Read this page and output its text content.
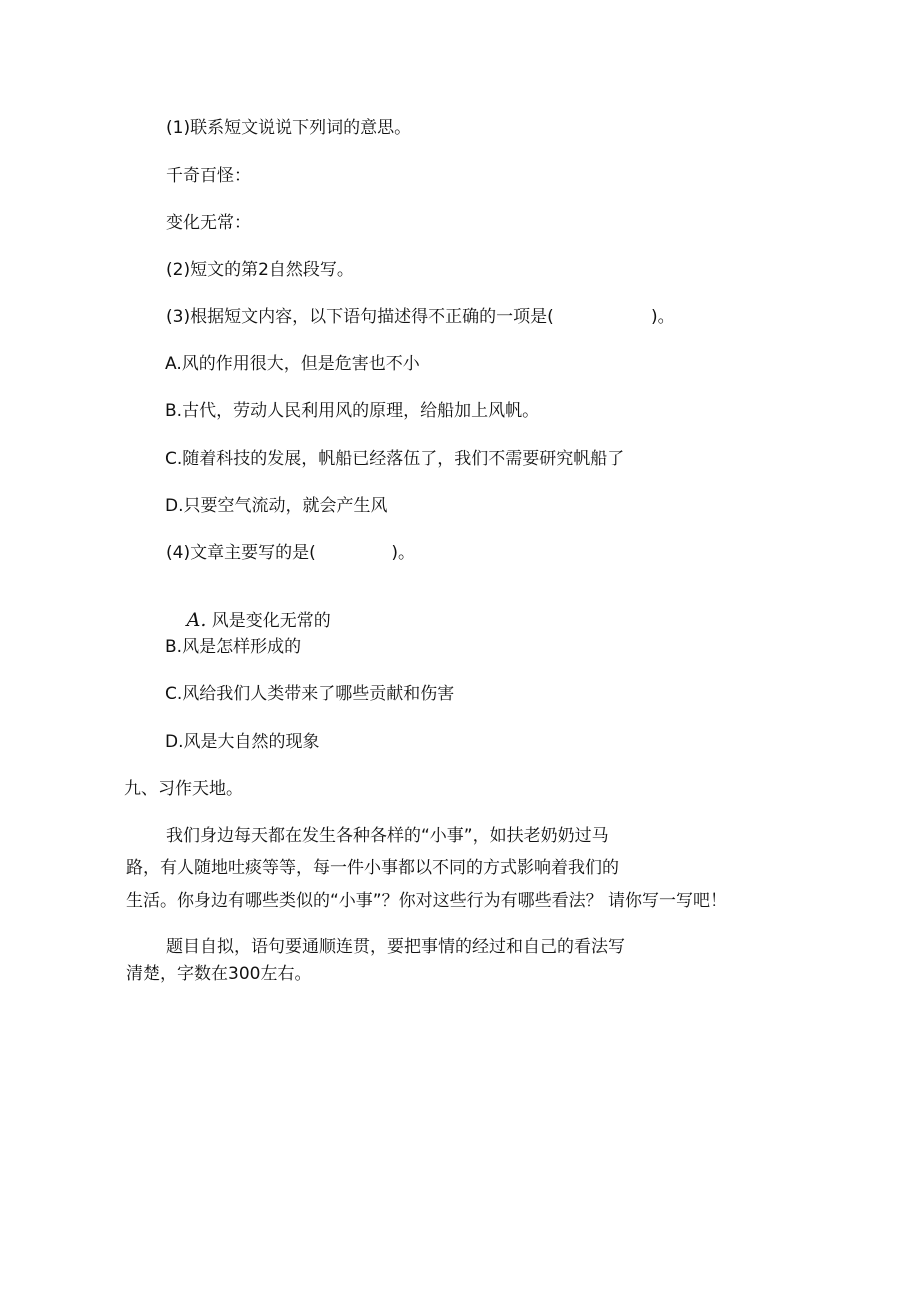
(1)联系短文说说下列词的意思。
千奇百怪：
变化无常：
(2)短文的第2自然段写。
(3)根据短文内容，以下语句描述得不正确的一项是(                  )。
A.风的作用很大，但是危害也不小
B.古代，劳动人民利用风的原理，给船加上风帆。
C.随着科技的发展，帆船已经落伍了，我们不需要研究帆船了
D.只要空气流动，就会产生风
(4)文章主要写的是(              )。

A. 风是变化无常的

B.风是怎样形成的
C.风给我们人类带来了哪些贡献和伤害
D.风是大自然的现象
九、习作天地。
我们身边每天都在发生各种各样的“小事”，如扶老奶奶过马
路，有人随地吐痰等等，每一件小事都以不同的方式影响着我们的
生活。你身边有哪些类似的“小事”？你对这些行为有哪些看法？ 请你写一写吧！
题目自拟，语句要通顺连贯，要把事情的经过和自己的看法写
清楚，字数在300左右。
